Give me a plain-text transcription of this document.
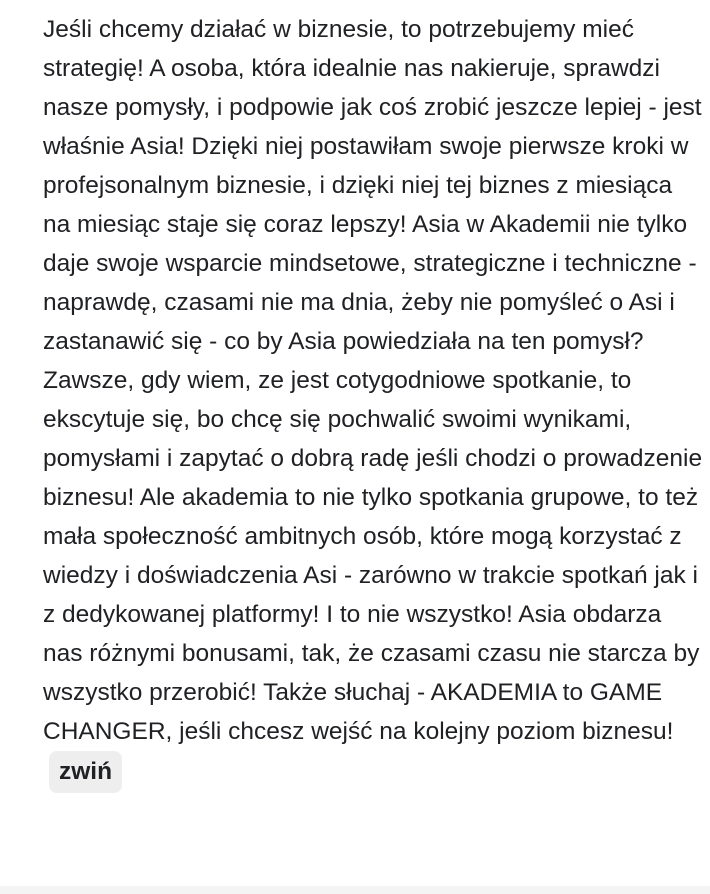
Jeśli chcemy działać w biznesie, to potrzebujemy mieć strategię! A osoba, która idealnie nas nakieruje, sprawdzi nasze pomysły, i podpowie jak coś zrobić jeszcze lepiej - jest właśnie Asia! Dzięki niej postawiłam swoje pierwsze kroki w profejsonalnym biznesie, i dzięki niej tej biznes z miesiąca na miesiąc staje się coraz lepszy! Asia w Akademii nie tylko daje swoje wsparcie mindsetowe, strategiczne i techniczne - naprawdę, czasami nie ma dnia, żeby nie pomyśleć o Asi i zastanawić się - co by Asia powiedziała na ten pomysł? Zawsze, gdy wiem, ze jest cotygodniowe spotkanie, to ekscytuje się, bo chcę się pochwalić swoimi wynikami, pomysłami i zapytać o dobrą radę jeśli chodzi o prowadzenie biznesu! Ale akademia to nie tylko spotkania grupowe, to też mała społeczność ambitnych osób, które mogą korzystać z wiedzy i doświadczenia Asi - zarówno w trakcie spotkań jak i z dedykowanej platformy! I to nie wszystko! Asia obdarza nas różnymi bonusami, tak, że czasami czasu nie starcza by wszystko przerobić! Także słuchaj - AKADEMIA to GAME CHANGER, jeśli chcesz wejść na kolejny poziom biznesu!zwiń
